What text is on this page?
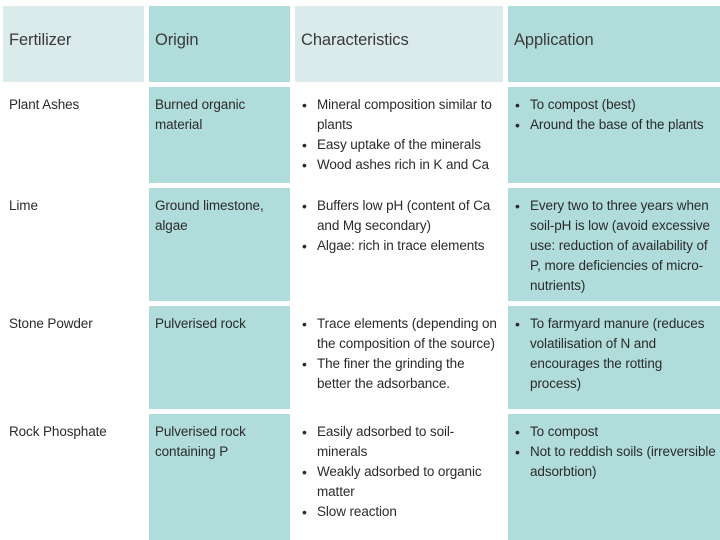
Fertilizer	Origin	Characteristics	Application
Plant Ashes	Burned organic material
• Mineral composition similar to plants
• Easy uptake of the minerals
• Wood ashes rich in K and Ca
• To compost (best)
• Around the base of the plants
Lime	Ground limestone, algae
• Buffers low pH (content of Ca and Mg secondary)
• Algae: rich in trace elements
• Every two to three years when soil-pH is low (avoid excessive use: reduction of availability of P, more deficiencies of micro-nutrients)
Stone Powder	Pulverised rock
•	Trace elements (depending on the composition of the source)
• The finer the grinding the better the adsorbance.
• To farmyard manure (reduces volatilisation of N and encourages the rotting process)
Rock Phosphate	Pulverised rock containing P
• Easily adsorbed to soil-minerals
• Weakly adsorbed to organic matter
• Slow reaction
• To compost
• Not to reddish soils (irreversible adsorbtion)
